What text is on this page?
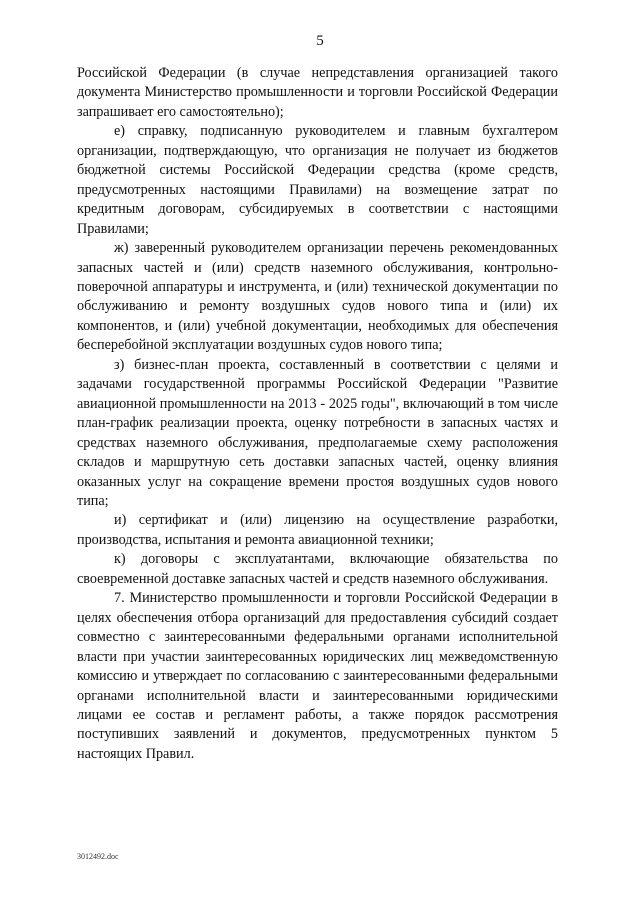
5

Российской Федерации (в случае непредставления организацией такого документа Министерство промышленности и торговли Российской Федерации запрашивает его самостоятельно);

е) справку, подписанную руководителем и главным бухгалтером организации, подтверждающую, что организация не получает из бюджетов бюджетной системы Российской Федерации средства (кроме средств, предусмотренных настоящими Правилами) на возмещение затрат по кредитным договорам, субсидируемых в соответствии с настоящими Правилами;

ж) заверенный руководителем организации перечень рекомендованных запасных частей и (или) средств наземного обслуживания, контрольно-поверочной аппаратуры и инструмента, и (или) технической документации по обслуживанию и ремонту воздушных судов нового типа и (или) их компонентов, и (или) учебной документации, необходимых для обеспечения бесперебойной эксплуатации воздушных судов нового типа;

з) бизнес-план проекта, составленный в соответствии с целями и задачами государственной программы Российской Федерации "Развитие авиационной промышленности на 2013 - 2025 годы", включающий в том числе план-график реализации проекта, оценку потребности в запасных частях и средствах наземного обслуживания, предполагаемые схему расположения складов и маршрутную сеть доставки запасных частей, оценку влияния оказанных услуг на сокращение времени простоя воздушных судов нового типа;

и) сертификат и (или) лицензию на осуществление разработки, производства, испытания и ремонта авиационной техники;

к) договоры с эксплуатантами, включающие обязательства по своевременной доставке запасных частей и средств наземного обслуживания.

7. Министерство промышленности и торговли Российской Федерации в целях обеспечения отбора организаций для предоставления субсидий создает совместно с заинтересованными федеральными органами исполнительной власти при участии заинтересованных юридических лиц межведомственную комиссию и утверждает по согласованию с заинтересованными федеральными органами исполнительной власти и заинтересованными юридическими лицами ее состав и регламент работы, а также порядок рассмотрения поступивших заявлений и документов, предусмотренных пунктом 5 настоящих Правил.

3012492.doc
